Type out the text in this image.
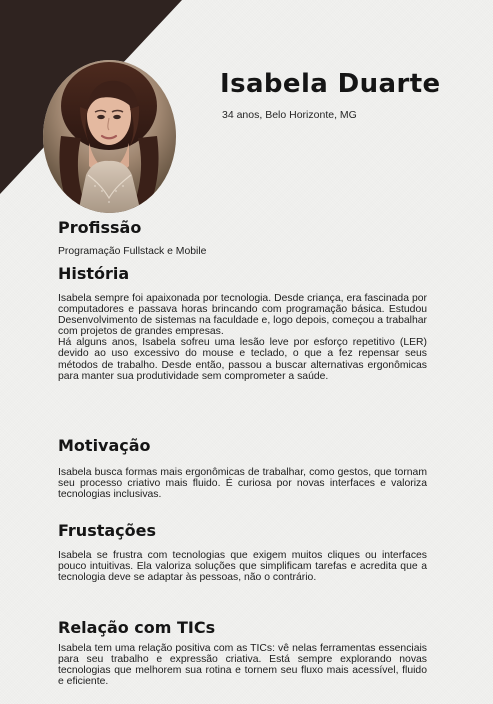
Isabela Duarte
34 anos, Belo Horizonte, MG
Profissão
Programação Fullstack e Mobile
História
Isabela sempre foi apaixonada por tecnologia. Desde criança, era fascinada por computadores e passava horas brincando com programação básica. Estudou Desenvolvimento de sistemas na faculdade e, logo depois, começou a trabalhar com projetos de grandes empresas.
Há alguns anos, Isabela sofreu uma lesão leve por esforço repetitivo (LER) devido ao uso excessivo do mouse e teclado, o que a fez repensar seus métodos de trabalho. Desde então, passou a buscar alternativas ergonômicas para manter sua produtividade sem comprometer a saúde.
Motivação
Isabela busca formas mais ergonômicas de trabalhar, como gestos, que tornam seu processo criativo mais fluido. É curiosa por novas interfaces e valoriza tecnologias inclusivas.
Frustações
Isabela se frustra com tecnologias que exigem muitos cliques ou interfaces pouco intuitivas. Ela valoriza soluções que simplificam tarefas e acredita que a tecnologia deve se adaptar às pessoas, não o contrário.
Relação com TICs
Isabela tem uma relação positiva com as TICs: vê nelas ferramentas essenciais para seu trabalho e expressão criativa. Está sempre explorando novas tecnologias que melhorem sua rotina e tornem seu fluxo mais acessível, fluido e eficiente.
